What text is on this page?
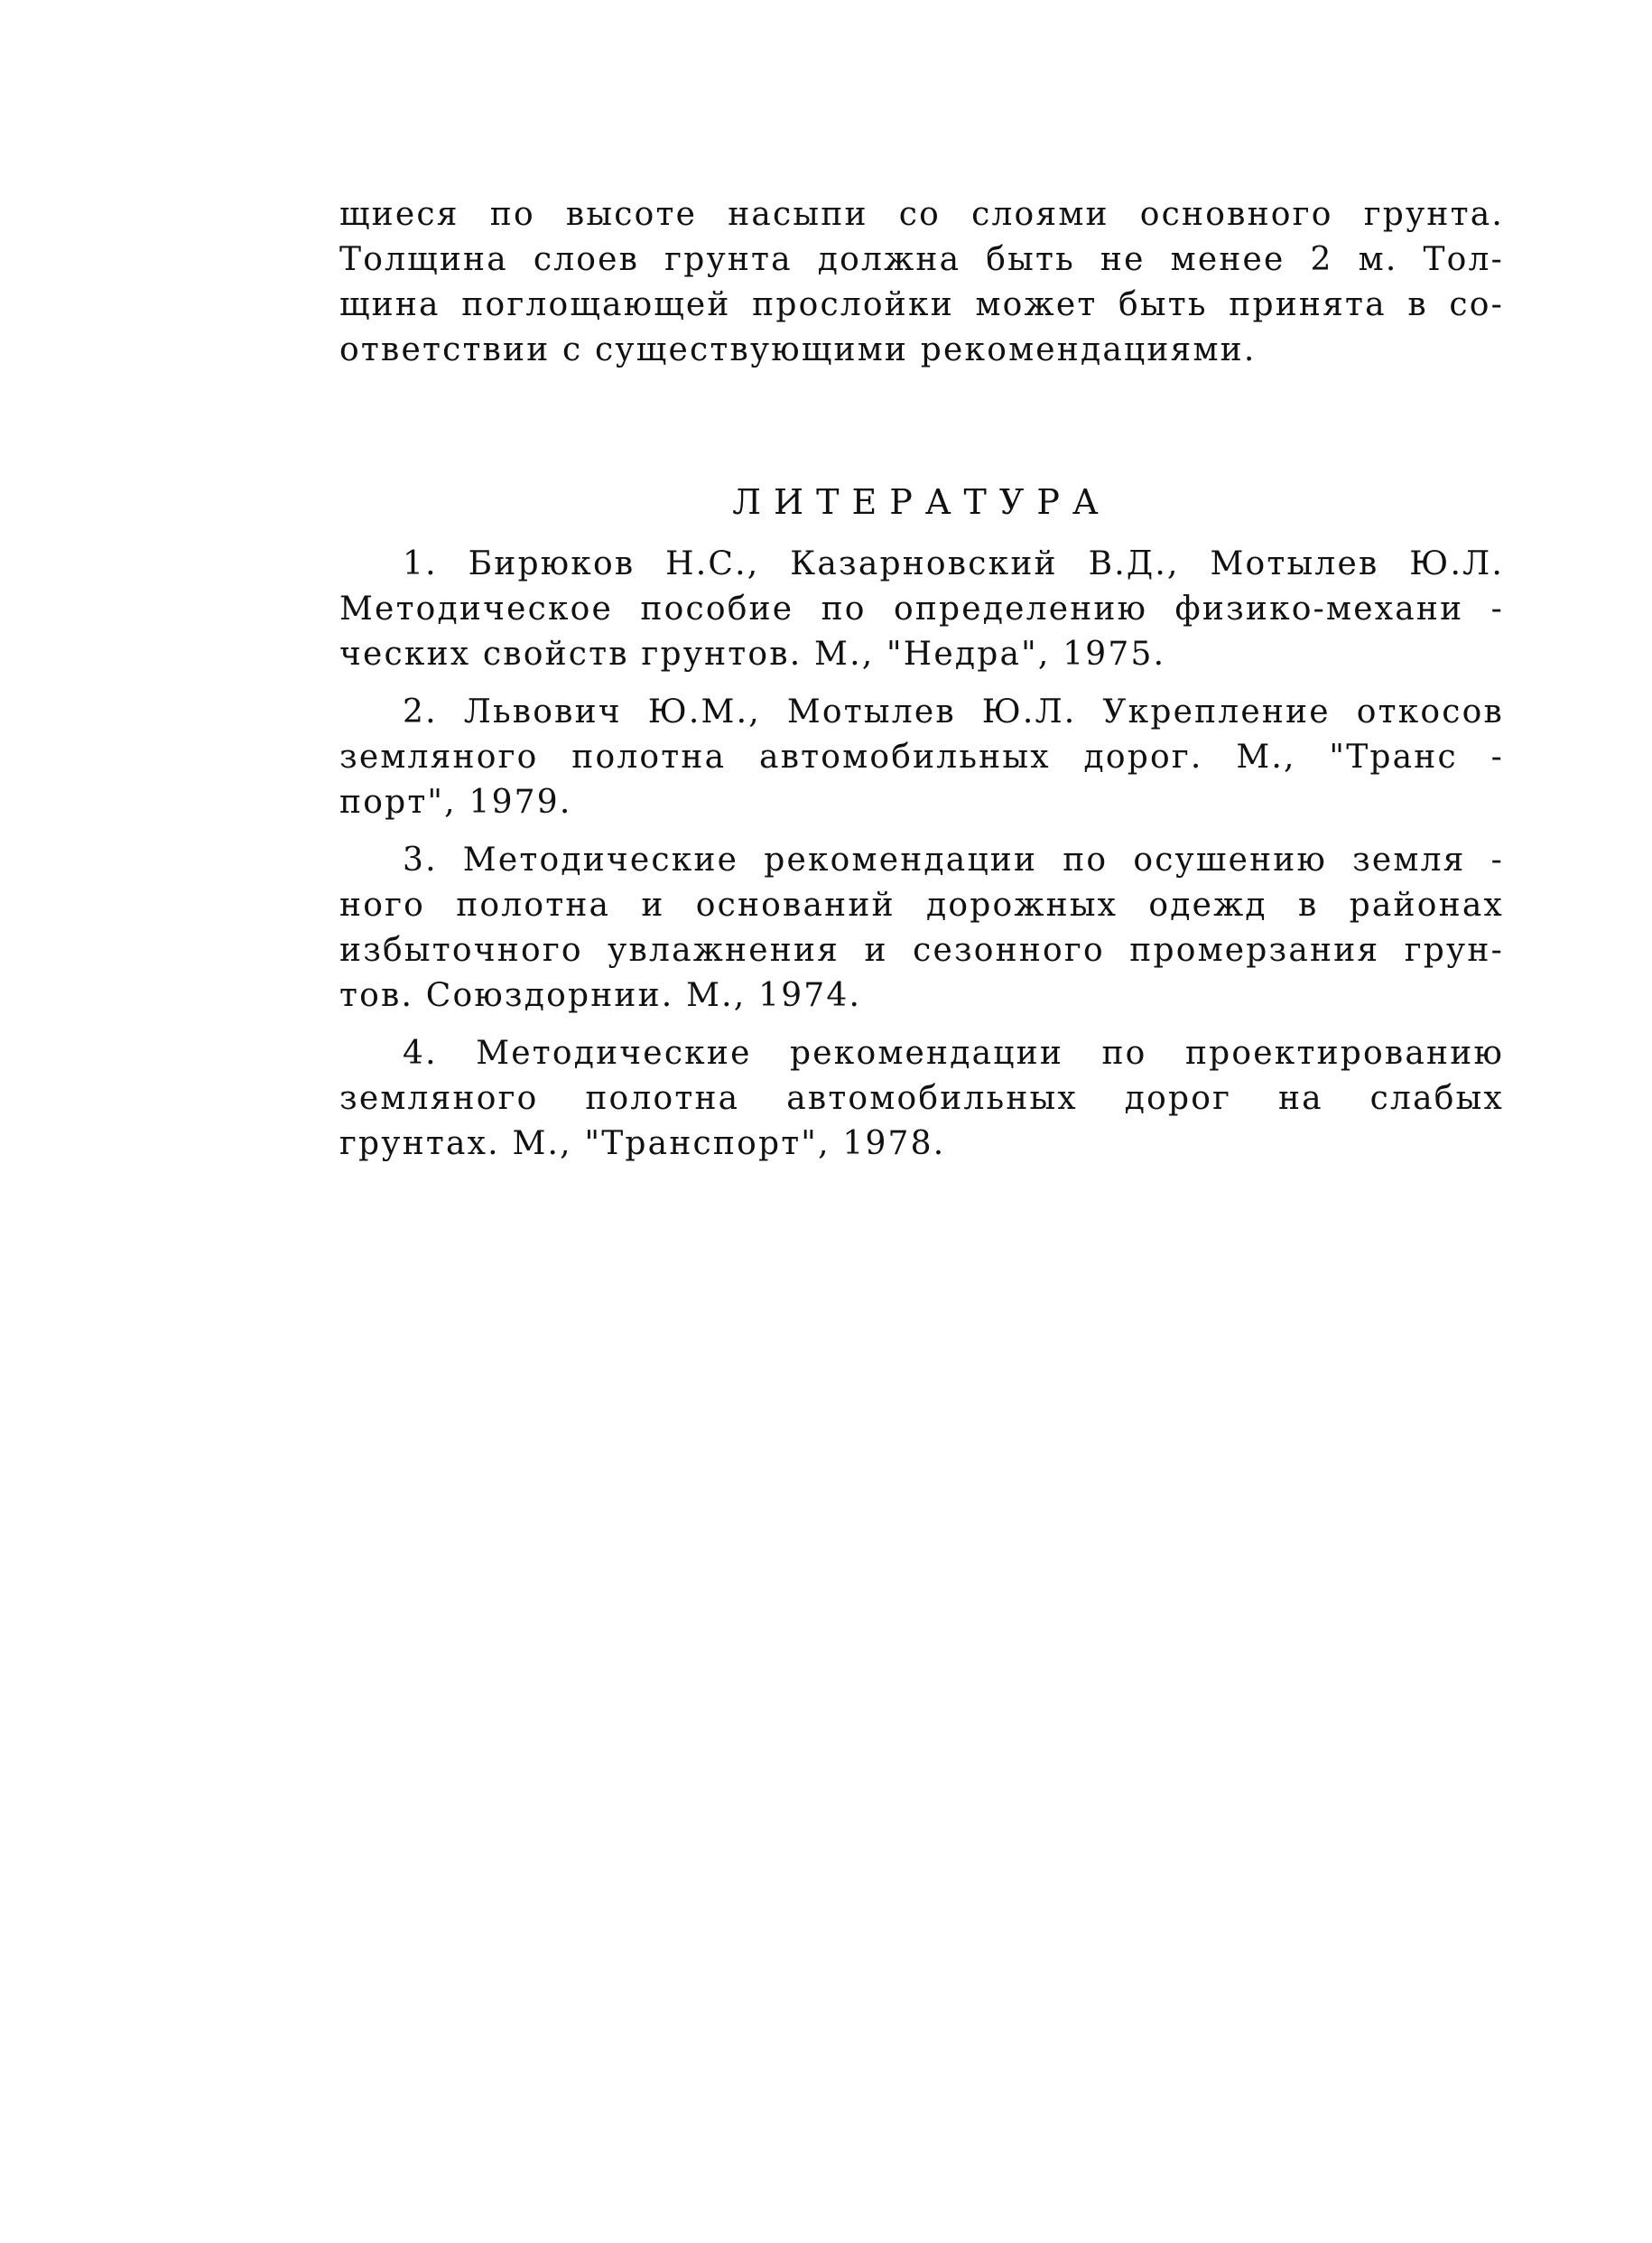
щиеся по высоте насыпи со слоями основного грунта.
Толщина слоев грунта должна быть не менее 2 м. Тол-
щина поглощающей прослойки может быть принята в со-
ответствии с существующими рекомендациями.
ЛИТЕРАТУРА
1. Бирюков Н.С., Казарновский В.Д., Мотылев Ю.Л.
Методическое пособие по определению физико-механи -
ческих свойств грунтов. М., "Недра", 1975.
2. Львович Ю.М., Мотылев Ю.Л. Укрепление откосов
земляного полотна автомобильных дорог. М., "Транс -
порт", 1979.
3. Методические рекомендации по осушению земля -
ного полотна и оснований дорожных одежд в районах
избыточного увлажнения и сезонного промерзания грун-
тов. Союздорнии. М., 1974.
4. Методические рекомендации по проектированию
земляного полотна автомобильных дорог на слабых
грунтах. М., "Транспорт", 1978.
